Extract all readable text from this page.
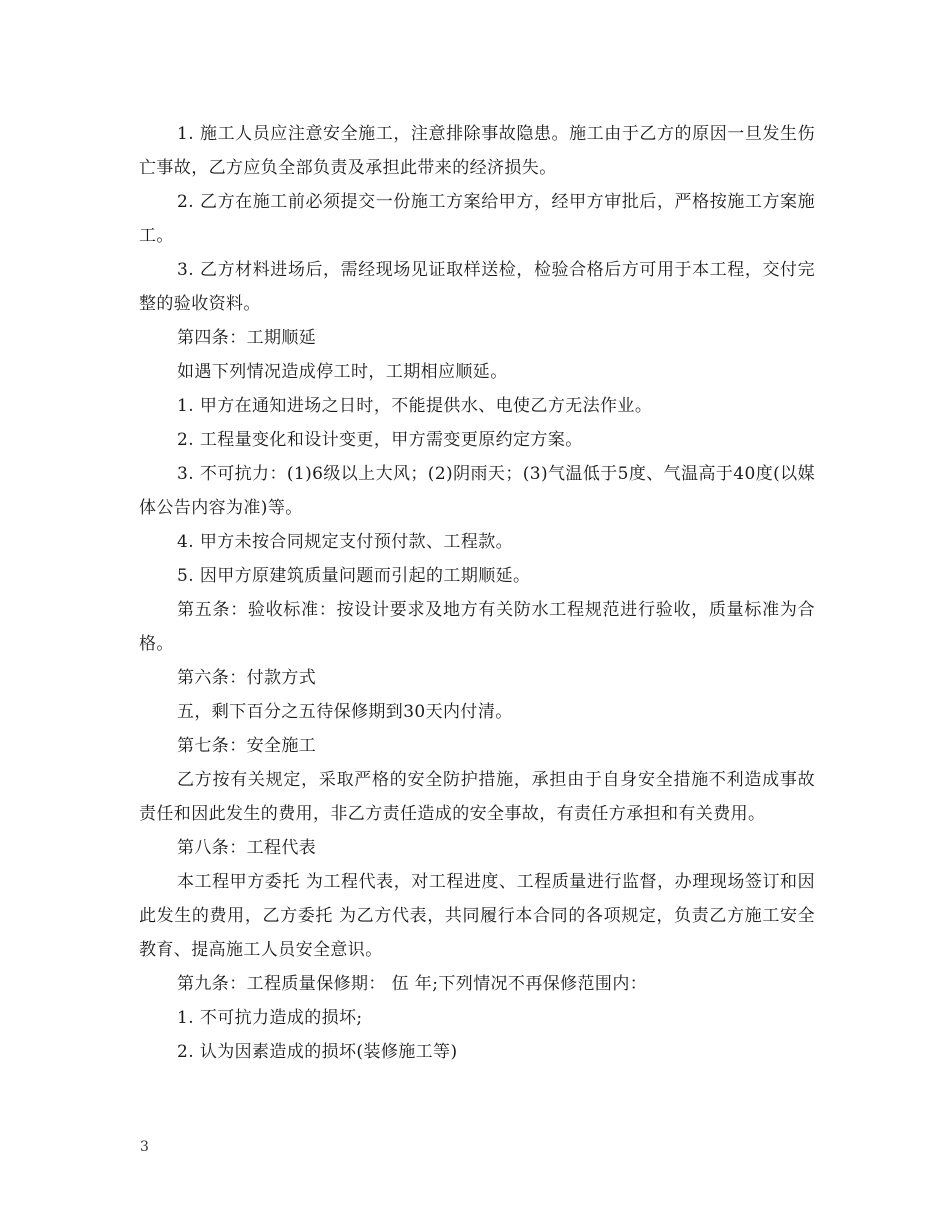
1. 施工人员应注意安全施工，注意排除事故隐患。施工由于乙方的原因一旦发生伤亡事故，乙方应负全部负责及承担此带来的经济损失。

2. 乙方在施工前必须提交一份施工方案给甲方，经甲方审批后，严格按施工方案施工。

3. 乙方材料进场后，需经现场见证取样送检，检验合格后方可用于本工程，交付完整的验收资料。

第四条：工期顺延

如遇下列情况造成停工时，工期相应顺延。

1. 甲方在通知进场之日时，不能提供水、电使乙方无法作业。

2. 工程量变化和设计变更，甲方需变更原约定方案。

3. 不可抗力：(1)6级以上大风；(2)阴雨天；(3)气温低于5度、气温高于40度(以媒体公告内容为准)等。

4. 甲方未按合同规定支付预付款、工程款。

5. 因甲方原建筑质量问题而引起的工期顺延。

第五条：验收标准：按设计要求及地方有关防水工程规范进行验收，质量标准为合格。

第六条：付款方式

五，剩下百分之五待保修期到30天内付清。

第七条：安全施工

乙方按有关规定，采取严格的安全防护措施，承担由于自身安全措施不利造成事故责任和因此发生的费用，非乙方责任造成的安全事故，有责任方承担和有关费用。

第八条：工程代表

本工程甲方委托 为工程代表，对工程进度、工程质量进行监督，办理现场签订和因此发生的费用，乙方委托 为乙方代表，共同履行本合同的各项规定，负责乙方施工安全教育、提高施工人员安全意识。

第九条：工程质量保修期： 伍 年;下列情况不再保修范围内：

1. 不可抗力造成的损坏;

2. 认为因素造成的损坏(装修施工等)

3
